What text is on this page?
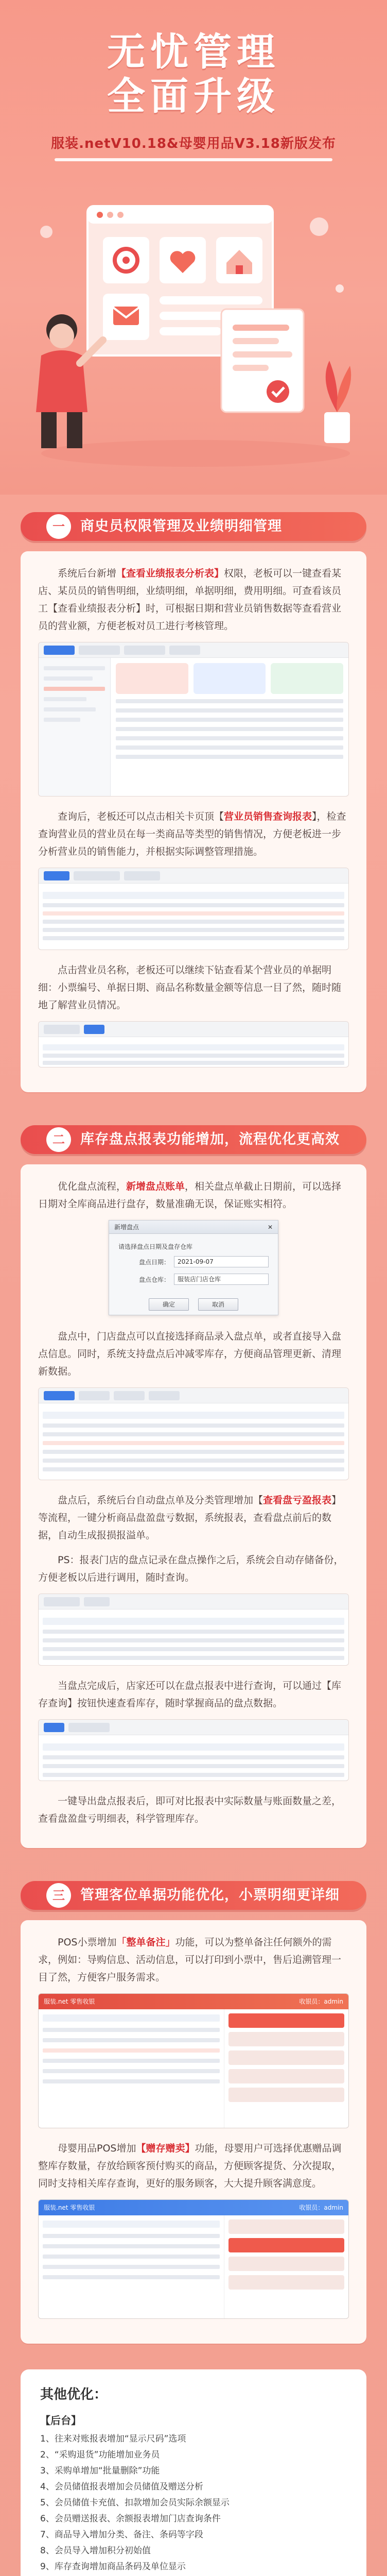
无忧管理
全面升级
服装.netV10.18&母婴用品V3.18新版发布
一	商史员权限管理及业绩明细管理

系统后台新增【查看业绩报表分析表】权限，老板可以一键查看某店、某员员的销售明细，业绩明细，单据明细，费用明细。可查看该员工【查看业绩报表分析】时，可根据日期和营业员销售数据等查看营业员的营业额，方便老板对员工进行考核管理。

查询后，老板还可以点击相关卡页顶【营业员销售查询报表】，检查查询营业员的营业员在每一类商品等类型的销售情况，方便老板进一步分析营业员的销售能力，并根据实际调整管理措施。

点击营业员名称，老板还可以继续下钻查看某个营业员的单据明细：小票编号、单据日期、商品名称数量金额等信息一目了然，随时随地了解营业员情况。

二	库存盘点报表功能增加，流程优化更高效

优化盘点流程，新增盘点账单，相关盘点单截止日期前，可以选择日期对全库商品进行盘存，数量准确无误，保证账实相符。

新增盘点	✕
请选择盘点日期及盘存仓库
盘点日期：	2021-09-07
盘点仓库：	服装店门店仓库
确定	取消

盘点中，门店盘点可以直接选择商品录入盘点单，或者直接导入盘点信息。同时，系统支持盘点后冲减零库存，方便商品管理更新、清理新数据。

盘点后，系统后台自动盘点单及分类管理增加【查看盘亏盈报表】等流程，一键分析商品盘盈盘亏数据，系统报表，查看盘点前后的数据，自动生成报损报溢单。

PS：报表门店的盘点记录在盘点操作之后，系统会自动存储备份，方便老板以后进行调用，随时查询。

当盘点完成后，店家还可以在盘点报表中进行查询，可以通过【库存查询】按钮快速查看库存，随时掌握商品的盘点数据。

一键导出盘点报表后，即可对比报表中实际数量与账面数量之差，查看盘盈盘亏明细表，科学管理库存。

三	管理客位单据功能优化，小票明细更详细

POS小票增加「整单备注」功能，可以为整单备注任何额外的需求，例如：导购信息、活动信息，可以打印到小票中，售后追溯管理一目了然，方便客户服务需求。

服装.net 零售收银	收银员：admin

母婴用品POS增加【赠存赠卖】功能，母婴用户可选择优惠赠品调整库存数量，存放给顾客预付购买的商品，方便顾客提货、分次提取，同时支持相关库存查询，更好的服务顾客，大大提升顾客满意度。

服装.net 零售收银	收银员：admin
其他优化：
【后台】
1、往来对账报表增加“显示尺码”选项
2、“采购退货”功能增加业务员
3、采购单增加“批量删除”功能
4、会员储值报表增加会员储值及赠送分析
5、会员储值卡充值、扣款增加会员实际余额显示
6、会员赠送报表、余额报表增加门店查询条件
7、商品导入增加分类、备注、条码等字段
8、会员导入增加积分初始值
9、库存查询增加商品条码及单位显示
